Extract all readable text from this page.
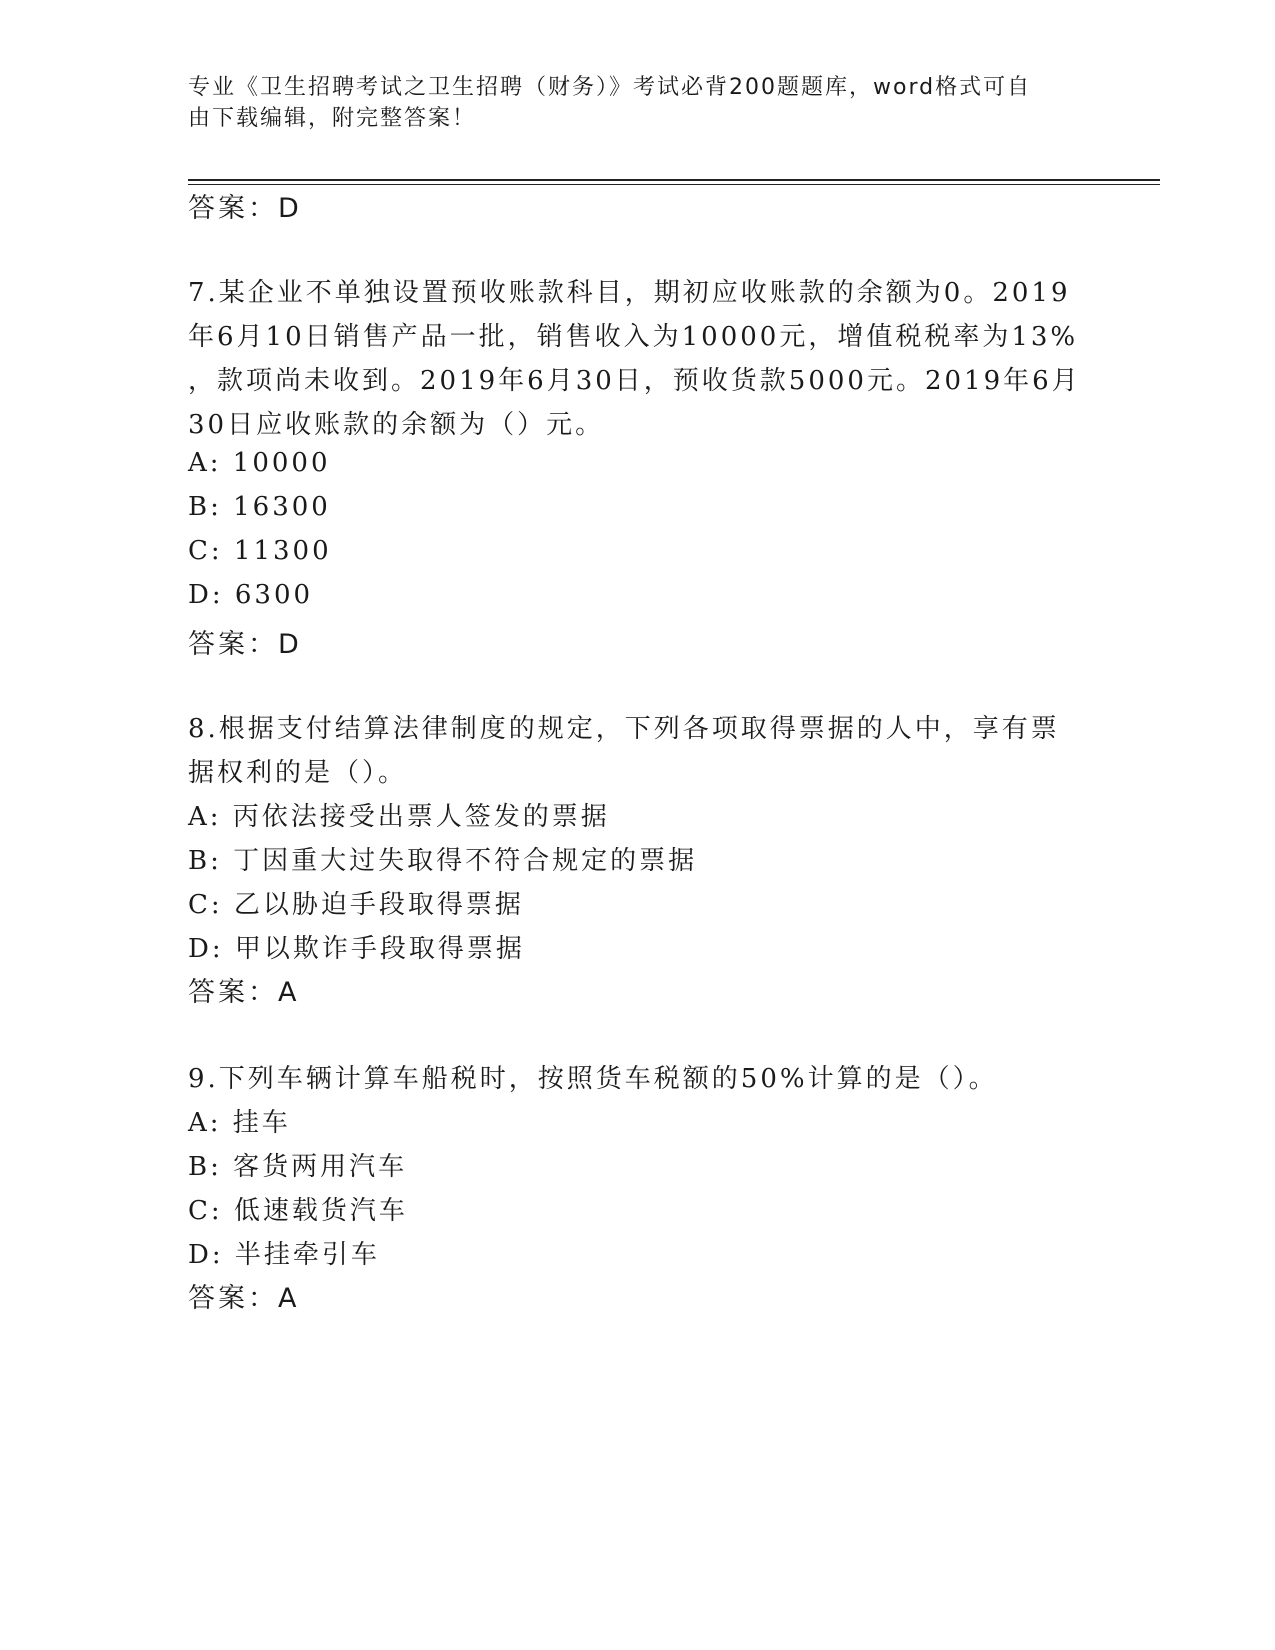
专业《卫生招聘考试之卫生招聘（财务）》考试必背200题题库，word格式可自
由下载编辑，附完整答案！
答案：D
7.某企业不单独设置预收账款科目，期初应收账款的余额为0。2019
年6月10日销售产品一批，销售收入为10000元，增值税税率为13%
，款项尚未收到。2019年6月30日，预收货款5000元。2019年6月
30日应收账款的余额为（）元。
A: 10000
B: 16300
C: 11300
D: 6300
答案：D
8.根据支付结算法律制度的规定，下列各项取得票据的人中，享有票
据权利的是（）。
A: 丙依法接受出票人签发的票据
B: 丁因重大过失取得不符合规定的票据
C: 乙以胁迫手段取得票据
D: 甲以欺诈手段取得票据
答案：A
9.下列车辆计算车船税时，按照货车税额的50%计算的是（）。
A: 挂车
B: 客货两用汽车
C: 低速载货汽车
D: 半挂牵引车
答案：A
